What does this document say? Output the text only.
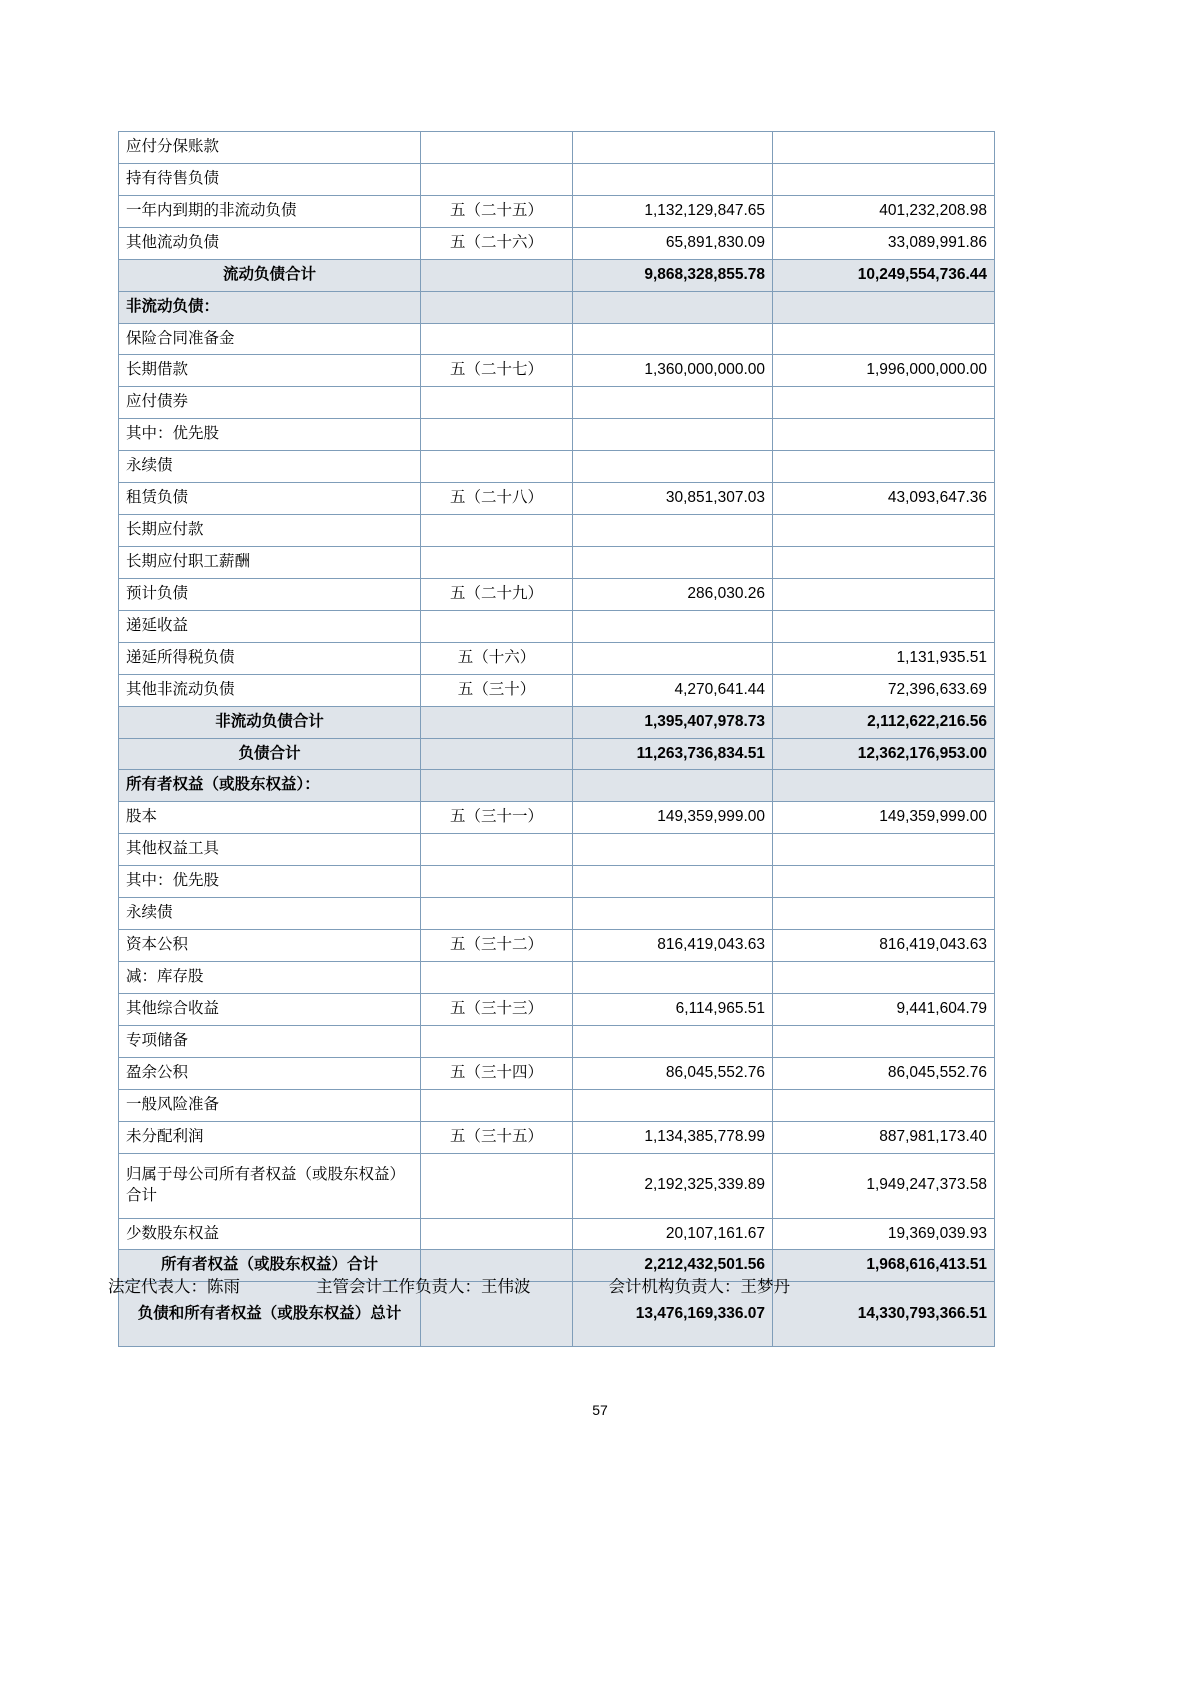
应付分保账款			
持有待售负债			
一年内到期的非流动负债	五（二十五）	1,132,129,847.65	401,232,208.98
其他流动负债	五（二十六）	65,891,830.09	33,089,991.86
流动负债合计		9,868,328,855.78	10,249,554,736.44
非流动负债：			
保险合同准备金			
长期借款	五（二十七）	1,360,000,000.00	1,996,000,000.00
应付债券			
其中：优先股			
永续债			
租赁负债	五（二十八）	30,851,307.03	43,093,647.36
长期应付款			
长期应付职工薪酬			
预计负债	五（二十九）	286,030.26	
递延收益			
递延所得税负债	五（十六）		1,131,935.51
其他非流动负债	五（三十）	4,270,641.44	72,396,633.69
非流动负债合计		1,395,407,978.73	2,112,622,216.56
负债合计		11,263,736,834.51	12,362,176,953.00
所有者权益（或股东权益）：			
股本	五（三十一）	149,359,999.00	149,359,999.00
其他权益工具			
其中：优先股			
永续债			
资本公积	五（三十二）	816,419,043.63	816,419,043.63
减：库存股			
其他综合收益	五（三十三）	6,114,965.51	9,441,604.79
专项储备			
盈余公积	五（三十四）	86,045,552.76	86,045,552.76
一般风险准备			
未分配利润	五（三十五）	1,134,385,778.99	887,981,173.40
归属于母公司所有者权益（或股东权益）合计		2,192,325,339.89	1,949,247,373.58
少数股东权益		20,107,161.67	19,369,039.93
所有者权益（或股东权益）合计		2,212,432,501.56	1,968,616,413.51
负债和所有者权益（或股东权益）总计		13,476,169,336.07	14,330,793,366.51
法定代表人：陈雨	主管会计工作负责人：王伟波	会计机构负责人：王梦丹
57
